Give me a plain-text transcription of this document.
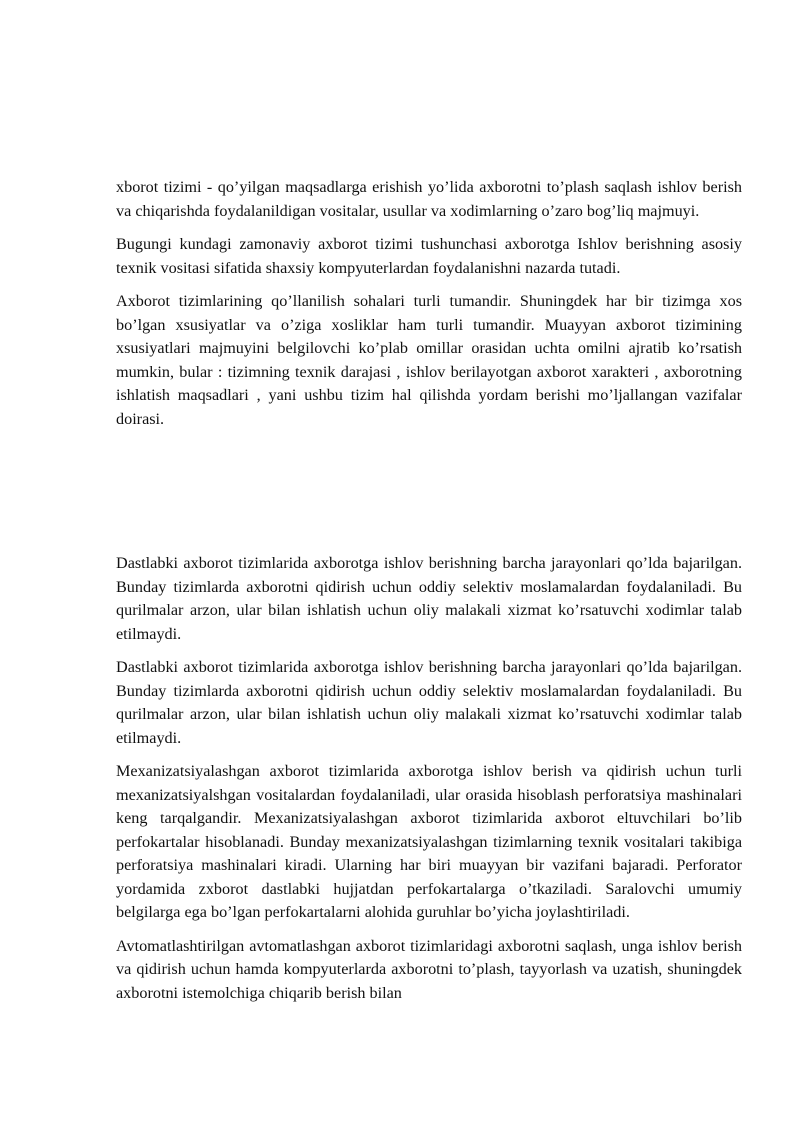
xborot tizimi - qo’yilgan maqsadlarga erishish yo’lida axborotni to’plash saqlash ishlov berish va chiqarishda foydalanildigan vositalar, usullar va xodimlarning o’zaro bog’liq majmuyi.

Bugungi kundagi zamonaviy axborot tizimi tushunchasi axborotga Ishlov berishning asosiy texnik vositasi sifatida shaxsiy kompyuterlardan foydalanishni nazarda tutadi.

Axborot tizimlarining qo’llanilish sohalari turli tumandir. Shuningdek har bir tizimga xos bo’lgan xsusiyatlar va o’ziga xosliklar ham turli tumandir. Muayyan axborot tizimining xsusiyatlari majmuyini belgilovchi ko’plab omillar orasidan uchta omilni ajratib ko’rsatish mumkin, bular : tizimning texnik darajasi , ishlov berilayotgan axborot xarakteri , axborotning ishlatish maqsadlari , yani ushbu tizim hal qilishda yordam berishi mo’ljallangan vazifalar doirasi.

Dastlabki axborot tizimlarida axborotga ishlov berishning barcha jarayonlari qo’lda bajarilgan. Bunday tizimlarda axborotni qidirish uchun oddiy selektiv moslamalardan foydalaniladi. Bu qurilmalar arzon, ular bilan ishlatish uchun oliy malakali xizmat ko’rsatuvchi xodimlar talab etilmaydi.

Dastlabki axborot tizimlarida axborotga ishlov berishning barcha jarayonlari qo’lda bajarilgan. Bunday tizimlarda axborotni qidirish uchun oddiy selektiv moslamalardan foydalaniladi. Bu qurilmalar arzon, ular bilan ishlatish uchun oliy malakali xizmat ko’rsatuvchi xodimlar talab etilmaydi.

Mexanizatsiyalashgan axborot tizimlarida axborotga ishlov berish va qidirish uchun turli mexanizatsiyalshgan vositalardan foydalaniladi, ular orasida hisoblash perforatsiya mashinalari keng tarqalgandir. Mexanizatsiyalashgan axborot tizimlarida axborot eltuvchilari bo’lib perfokartalar hisoblanadi. Bunday mexanizatsiyalashgan tizimlarning texnik vositalari takibiga perforatsiya mashinalari kiradi. Ularning har biri muayyan bir vazifani bajaradi. Perforator yordamida zxborot dastlabki hujjatdan perfokartalarga o’tkaziladi. Saralovchi umumiy belgilarga ega bo’lgan perfokartalarni alohida guruhlar bo’yicha joylashtiriladi.

Avtomatlashtirilgan avtomatlashgan axborot tizimlaridagi axborotni saqlash, unga ishlov berish va qidirish uchun hamda kompyuterlarda axborotni to’plash, tayyorlash va uzatish, shuningdek axborotni istemolchiga chiqarib berish bilan
